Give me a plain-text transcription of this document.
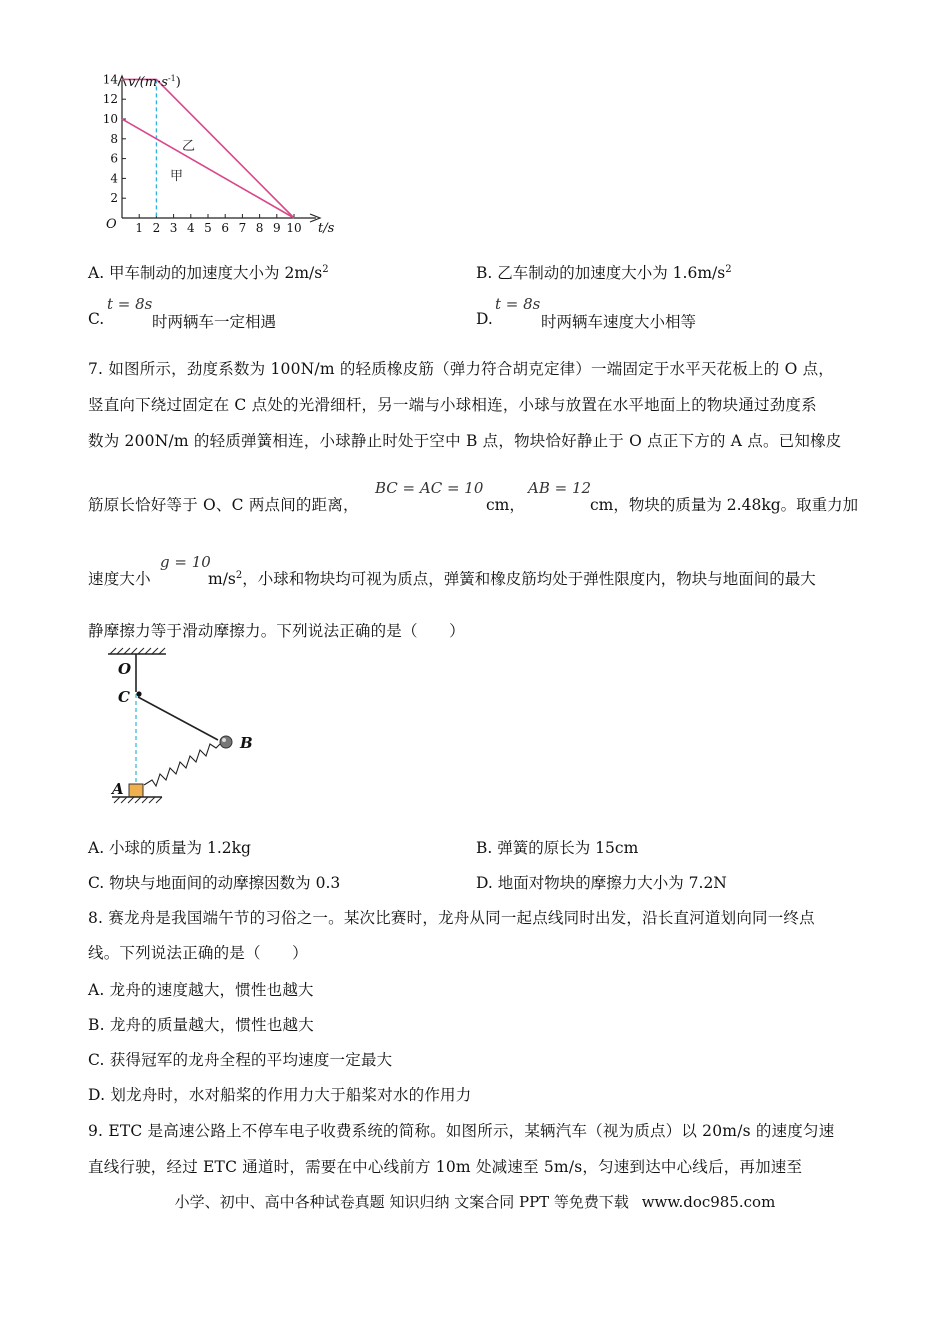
14
12
10
8
6
4
2
1 2 3 4 5 6 7 8 9 10
$v/(m\cdot s^{-1})$
t/s
O
乙
甲
A. 甲车制动的加速度大小为 $2m/s^2$	B. 乙车制动的加速度大小为 $1.6m/s^2$
C.
t = 8s
时两辆车一定相遇	D.
t = 8s
时两辆车速度大小相等
7. 如图所示，劲度系数为 100N/m 的轻质橡皮筋（弹力符合胡克定律）一端固定于水平天花板上的 O 点，
竖直向下绕过固定在 C 点处的光滑细杆，另一端与小球相连，小球与放置在水平地面上的物块通过劲度系
数为 200N/m 的轻质弹簧相连，小球静止时处于空中 B 点，物块恰好静止于 O 点正下方的 A 点。已知橡皮
筋原长恰好等于 O、C 两点间的距离，
BC = AC = 10
cm，
AB = 12
cm，物块的质量为 2.48kg。取重力加
速度大小
g = 10
$m/s^2$，小球和物块均可视为质点，弹簧和橡皮筋均处于弹性限度内，物块与地面间的最大
静摩擦力等于滑动摩擦力。下列说法正确的是（　　）
O
C
B
A
A. 小球的质量为 1.2kg	B. 弹簧的原长为 15cm
C. 物块与地面间的动摩擦因数为 0.3	D. 地面对物块的摩擦力大小为 7.2N
8. 赛龙舟是我国端午节的习俗之一。某次比赛时，龙舟从同一起点线同时出发，沿长直河道划向同一终点
线。下列说法正确的是（　　）
A. 龙舟的速度越大，惯性也越大
B. 龙舟的质量越大，惯性也越大
C. 获得冠军的龙舟全程的平均速度一定最大
D. 划龙舟时，水对船桨的作用力大于船桨对水的作用力
9. ETC 是高速公路上不停车电子收费系统的简称。如图所示，某辆汽车（视为质点）以 20m/s 的速度匀速
直线行驶，经过 ETC 通道时，需要在中心线前方 10m 处减速至 5m/s，匀速到达中心线后，再加速至
小学、初中、高中各种试卷真题 知识归纳 文案合同 PPT 等免费下载 www.doc985.com
